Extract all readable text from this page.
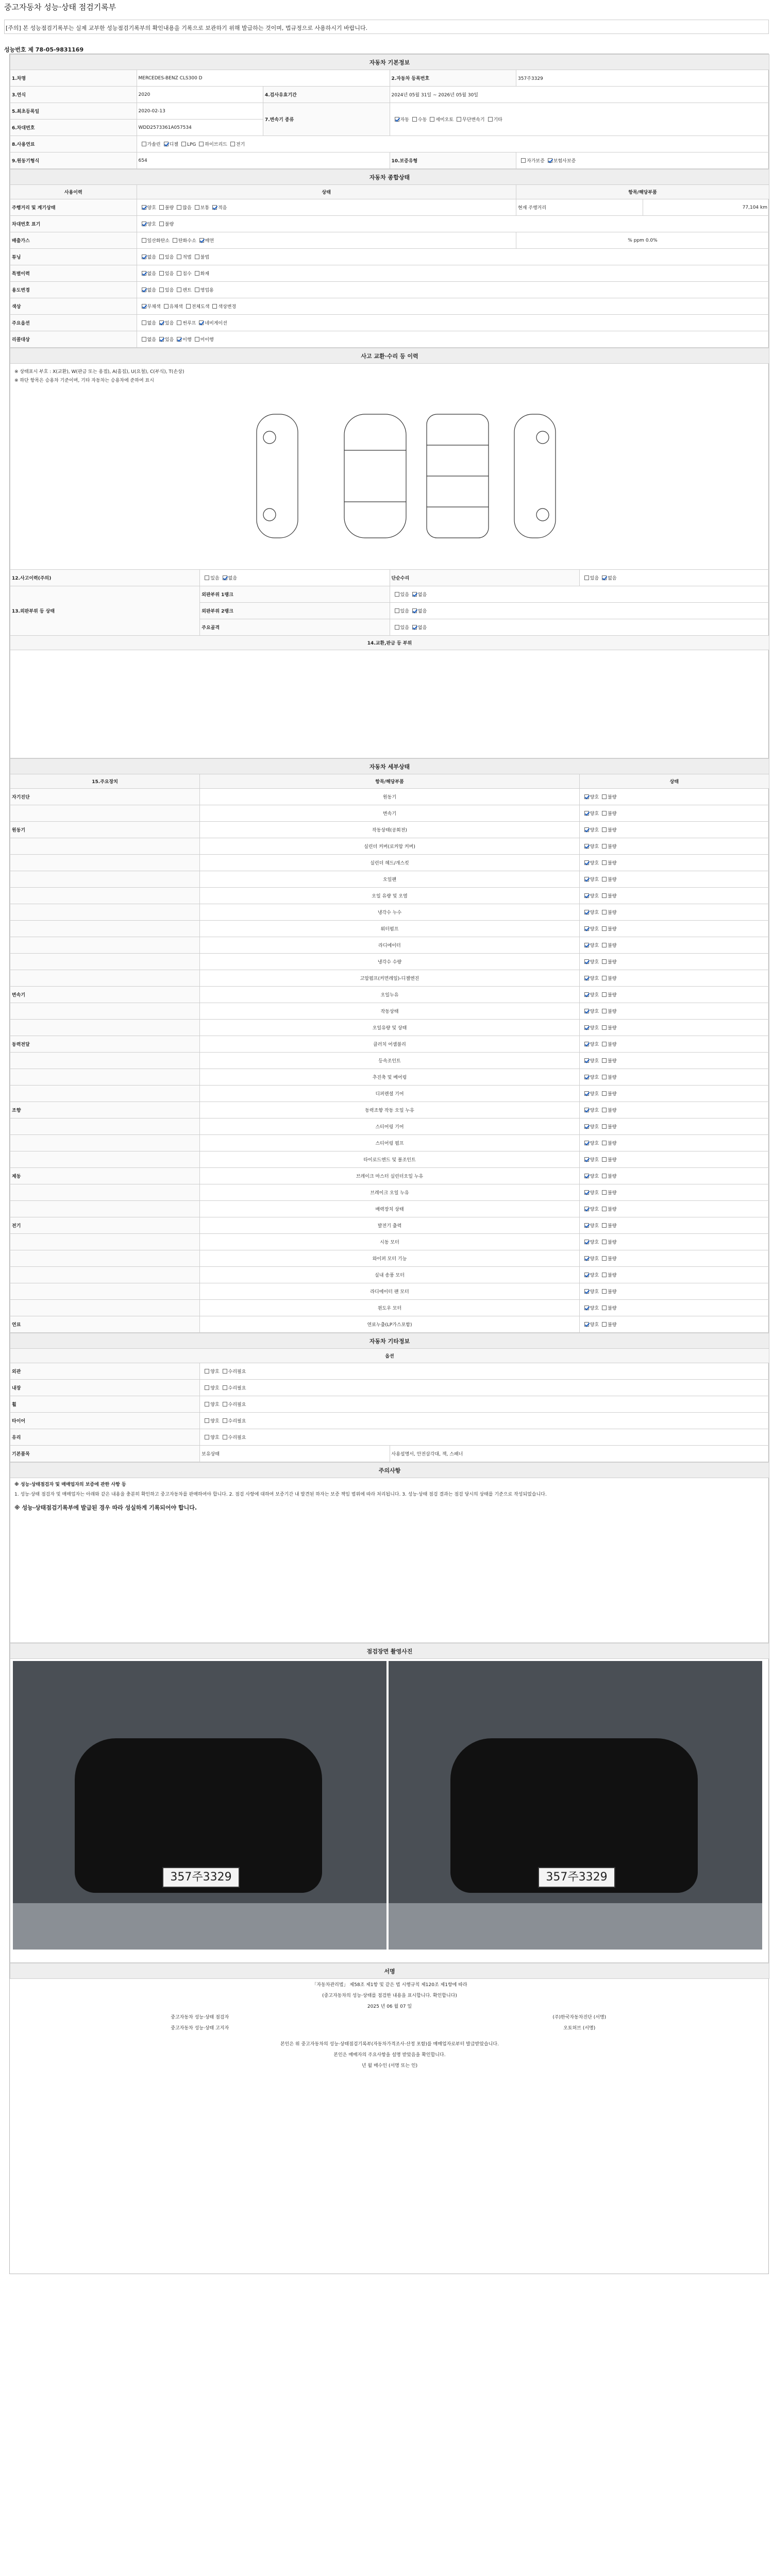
중고자동차 성능·상태 점검기록부
[주의] 본 성능점검기록부는 실제 교부한 성능점검기록부의 확인내용을 기록으로 보관하기 위해 발급하는 것이며, 법규정으로 사용하시기 바랍니다.
성능번호 제 78-05-9831169
자동차 기본정보				
1.차명	MERCEDES-BENZ CLS300 D		2.자동차 등록번호	357주3329
3.연식	2020	4.검사유효기간	2024년 05월 31일 ~ 2026년 05월 30일	
5.최초등록일	2020-02-13	7.변속기 종류	자동 수동 세미오토 무단변속기 기타	
6.차대번호	WDD2573361A057534			
8.사용연료	가솔린 디젤 LPG 하이브리드 전기			
9.원동기형식	654		10.보증유형	자가보증 보험사보증
자동차 종합상태			
사용이력	상태	항목/해당부품	
주행거리 및 계기상태	양호 불량 많음 보통 적음	현재 주행거리	77,104 km
차대번호 표기	양호 불량		
배출가스	일산화탄소 탄화수소 매연	% ppm 0.0%	
튜닝	없음 있음 적법 불법		
특별이력	없음 있음 침수 화재		
용도변경	없음 있음 렌트 영업용		
색상	무채색 유채색 전체도색 색상변경		
주요옵션	없음 있음 썬루프 네비게이션		
리콜대상	없음 있음 이행 미이행		
사고 교환·수리 등 이력			

※ 상태표시 부호 : X(교환), W(판금 또는 용접), A(흠집), U(요철), C(부식), T(손상)
※ 하단 항목은 승용차 기준이며, 기타 자동차는 승용차에 준하여 표시			

12.사고이력(주의)	있음 없음	단순수리	있음 없음
13.외판부위 등 상태	외판부위 1랭크	있음 없음	
	외판부위 2랭크	있음 없음	
	주요골격	있음 없음	
14.교환,판금 등 부위			

자동차 세부상태		
15.주요장치	항목/해당부품	상태
자기진단	원동기	양호 불량
	변속기	양호 불량
원동기	작동상태(공회전)	양호 불량
	실린더 커버(로커암 커버)	양호 불량
	실린더 헤드/개스킷	양호 불량
	오일팬	양호 불량
	오일 유량 및 오염	양호 불량
	냉각수 누수	양호 불량
	워터펌프	양호 불량
	라디에이터	양호 불량
	냉각수 수량	양호 불량
	고압펌프(커먼레일)-디젤엔진	양호 불량
변속기	오일누유	양호 불량
	작동상태	양호 불량
	오일유량 및 상태	양호 불량
동력전달	클러치 어셈블리	양호 불량
	등속조인트	양호 불량
	추진축 및 베어링	양호 불량
	디퍼렌셜 기어	양호 불량
조향	동력조향 작동 오일 누유	양호 불량
	스티어링 기어	양호 불량
	스티어링 펌프	양호 불량
	타이로드엔드 및 볼조인트	양호 불량
제동	브레이크 마스터 실린더오일 누유	양호 불량
	브레이크 오일 누유	양호 불량
	배력장치 상태	양호 불량
전기	발전기 출력	양호 불량
	시동 모터	양호 불량
	와이퍼 모터 기능	양호 불량
	실내 송풍 모터	양호 불량
	라디에이터 팬 모터	양호 불량
	윈도우 모터	양호 불량
연료	연료누출(LP가스포함)	양호 불량
자동차 기타정보		
옵션		
외관	양호 수리필요	
내장	양호 수리필요	
휠	양호 수리필요	
타이어	양호 수리필요	
유리	양호 수리필요	
기본품목	보유상태	사용설명서, 안전삼각대, 잭, 스패너
주의사항

※ 성능·상태점검자 및 매매업자의 보증에 관한 사항 등
1. 성능·상태 점검자 및 매매업자는 아래와 같은 내용을 충분히 확인하고 중고자동차를 판매하여야 합니다. 2. 점검 사항에 대하여 보증기간 내 발견된 하자는 보증 책임 범위에 따라 처리됩니다. 3. 성능·상태 점검 결과는 점검 당시의 상태를 기준으로 작성되었습니다.
※ 성능·상태점검기록부에 발급된 경우 따라 성실하게 기록되어야 합니다.
점검장면 촬영사진

357주3329	357주3329
서명	
「자동차관리법」 제58조 제1항 및 같은 법 시행규칙 제120조 제1항에 따라	
(중고자동차의 성능·상태를 점검한 내용을 표시합니다. 확인합니다)	
2025 년 06 월 07 일	
중고자동차 성능·상태 점검자	(주)한국자동차진단 (서명)
중고자동차 성능·상태 고지자	오토허브 (서명)
본인은 위 중고자동차의 성능·상태점검기록부(자동차가격조사·산정 포함)를 매매업자로부터 발급받았습니다.	
본인은 매매자의 주요사항을 설명 받았음을 확인합니다.	
년 월 매수인 (서명 또는 인)	
